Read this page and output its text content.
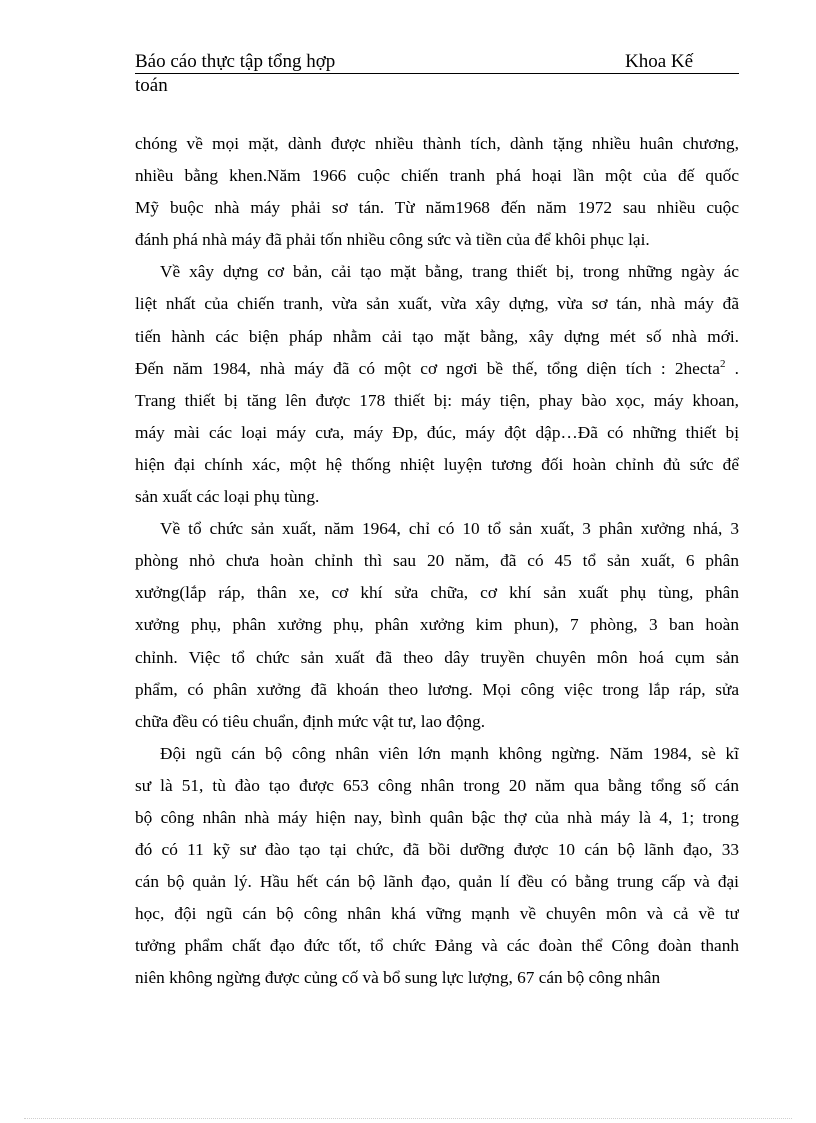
Báo cáo thực tập tổng hợp	Khoa Kế
toán
chóng về mọi mặt, dành được nhiều thành tích, dành tặng nhiều huân chương,
nhiều bằng khen.Năm 1966 cuộc chiến tranh phá hoại lần một của đế quốc
Mỹ buộc nhà máy phải sơ tán. Từ năm1968 đến năm 1972 sau nhiều cuộc
đánh phá nhà máy đã phải tốn nhiều công sức và tiền của để khôi phục lại.
Về xây dựng cơ bản, cải tạo mặt bằng, trang thiết bị, trong những ngày ác
liệt nhất của chiến tranh, vừa sản xuất, vừa xây dựng, vừa sơ tán, nhà máy đã
tiến hành các biện pháp nhằm cải tạo mặt bằng, xây dựng mét số nhà mới.
Đến năm 1984, nhà máy đã có một cơ ngơi bề thế, tổng diện tích : 2hecta$^2$ .
Trang thiết bị tăng lên được 178 thiết bị: máy tiện, phay bào xọc, máy khoan,
máy mài các loại máy cưa, máy Đp, đúc, máy đột dập…Đã có những thiết bị
hiện đại chính xác, một hệ thống nhiệt luyện tương đối hoàn chỉnh đủ sức để
sản xuất các loại phụ tùng.
Về tổ chức sản xuất, năm 1964, chỉ có 10 tổ sản xuất, 3 phân xưởng nhá, 3
phòng nhỏ chưa hoàn chỉnh thì sau 20 năm, đã có 45 tổ sản xuất, 6 phân
xưởng(lắp ráp, thân xe, cơ khí sửa chữa, cơ khí sản xuất phụ tùng, phân
xưởng phụ, phân xưởng phụ, phân xưởng kim phun), 7 phòng, 3 ban hoàn
chỉnh. Việc tổ chức sản xuất đã theo dây truyền chuyên môn hoá cụm sản
phẩm, có phân xưởng đã khoán theo lương. Mọi công việc trong lắp ráp, sửa
chữa đều có tiêu chuẩn, định mức vật tư, lao động.
Đội ngũ cán bộ công nhân viên lớn mạnh không ngừng. Năm 1984, sè kĩ
sư là 51, tù đào tạo được 653 công nhân trong 20 năm qua bằng tổng số cán
bộ công nhân nhà máy hiện nay, bình quân bậc thợ của nhà máy là 4, 1; trong
đó có 11 kỹ sư đào tạo tại chức, đã bồi dưỡng được 10 cán bộ lãnh đạo, 33
cán bộ quản lý. Hầu hết cán bộ lãnh đạo, quản lí đều có bằng trung cấp và đại
học, đội ngũ cán bộ công nhân khá vững mạnh về chuyên môn và cả về tư
tưởng phẩm chất đạo đức tốt, tổ chức Đảng và các đoàn thể Công đoàn thanh
niên không ngừng được củng cố và bổ sung lực lượng, 67 cán bộ công nhân
